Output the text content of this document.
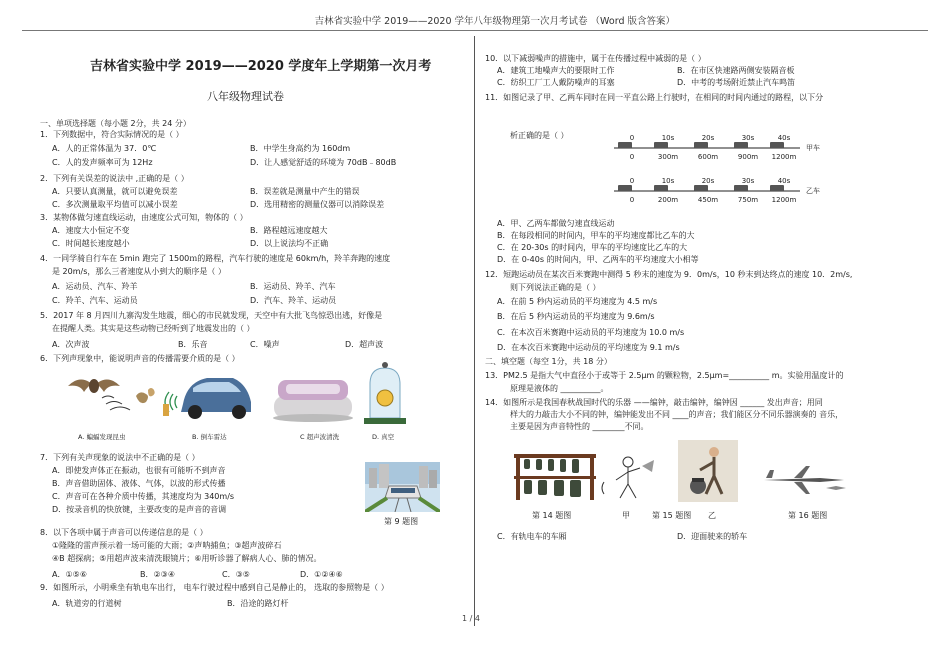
吉林省实验中学 2019——2020 学年八年级物理第一次月考试卷 （Word 版含答案）
1 / 4
吉林省实验中学 2019——2020 学度年上学期第一次月考
八年级物理试卷
一、单项选择题（每小题 2分，共 24 分）
1．下列数据中，符合实际情况的是（ ）
A．人的正常体温为 37．0℃	B．中学生身高约为 160dm
C．人的发声频率可为 12Hz	D．让人感觉舒适的环境为 70dB﹣80dB
2．下列有关误差的说法中 ,正确的是（ ）
A．只要认真测量，就可以避免误差	B．误差就是测量中产生的错误
C．多次测量取平均值可以减小误差	D．选用精密的测量仪器可以消除误差
3．某物体做匀速直线运动，由速度公式可知，物体的（ ）
A．速度大小恒定不变	B．路程越远速度越大
C．时间越长速度越小	D．以上说法均不正确
4．一同学骑自行车在 5min 跑完了 1500ｍ的路程，汽车行驶的速度是 60km/h，羚羊奔跑的速度
是 20m/s，那么三者速度从小到大的顺序是（ ）
A．运动员、汽车、羚羊	B．运动员、羚羊、汽车
C．羚羊、汽车、运动员	D．汽车、羚羊、运动员
5．2017 年 8 月四川九寨沟发生地震，细心的市民就发现，天空中有大批飞鸟惊恐出逃，好像是
在提醒人类。其实是这些动物已经听到了地震发出的（ ）
A．次声波	B．乐音	C．噪声	D．超声波
6．下列声现象中，能说明声音的传播需要介质的是（ ）
A. 蝙蝠发现昆虫	B. 倒车雷达	C 超声波清洗	D. 真空
7．下列有关声现象的说法中不正确的是（ ）
A．即使发声体正在振动，也很有可能听不到声音
B．声音借助固体、液体、气体，以波的形式传播
C．声音可在各种介质中传播，其速度均为 340m/s
D．按录音机的快放键，主要改变的是声音的音调
第 9 题图
8．以下各项中属于声音可以传递信息的是（ ）
①隆隆的雷声预示着一场可能的大雨；②声呐捕鱼；③超声波碎石
④B 超探病；⑤用超声波来清洗眼镜片；⑥用听诊器了解病人心、肺的情况。
A．①⑤⑥	B．②③④	C．③⑤	D．①②④⑥
9．如图所示，小明乘坐有轨电车出行， 电车行驶过程中感到自己是静止的， 选取的参照物是（ ）
A．轨道旁的行道树	B．沿途的路灯杆
10．以下减弱噪声的措施中，属于在传播过程中减弱的是（ ）
A．建筑工地噪声大的要限时工作	B．在市区快速路两侧安装隔音板
C．纺织工厂工人戴防噪声的耳塞	D．中考的考场附近禁止汽车鸣笛
11．如图记录了甲、乙两车同时在同一平直公路上行驶时，在相同的时间内通过的路程，以下分
析正确的是（ ）	0	10s	20s	30s	40s
0	300m	600m	900m 1200m
甲车
0	10s	20s	30s	40s
0	200m	450m	750m 1200m
乙车
A．甲、乙两车都做匀速直线运动
B．在每段相同的时间内，甲车的平均速度都比乙车的大
C．在 20-30s 的时间内，甲车的平均速度比乙车的大
D．在 0-40s 的时间内，甲、乙两车的平均速度大小相等
12．短跑运动员在某次百米赛跑中测得 5 秒末的速度为 9．0m/s，10 秒末到达终点的速度 10．2m/s,
则下列说法正确的是（ ）
A．在前 5 秒内运动员的平均速度为 4.5 m/s
B．在后 5 秒内运动员的平均速度为 9.6m/s
C．在本次百米赛跑中运动员的平均速度为 10.0 m/s
D．在本次百米赛跑中运动员的平均速度为 9.1 m/s
二、填空题（每空 1分，共 18 分）
13．PM2.5 是指大气中直径小于或等于 2.5μm 的颗粒物，2.5μm=__________ m。实验用温度计的
原理是液体的 __________。
14．如图所示是我国春秋战国时代的乐器 ——编钟，敲击编钟，编钟因 ______ 发出声音；用同
样大的力敲击大小不同的钟，编钟能发出不同 ____的声音；我们能区分不同乐器演奏的 音乐，
主要是因为声音特性的 ________不同。
第 14 题图	甲	第 15 题图 乙	第 16 题图
C．有轨电车的车厢	D．迎面驶来的轿车
